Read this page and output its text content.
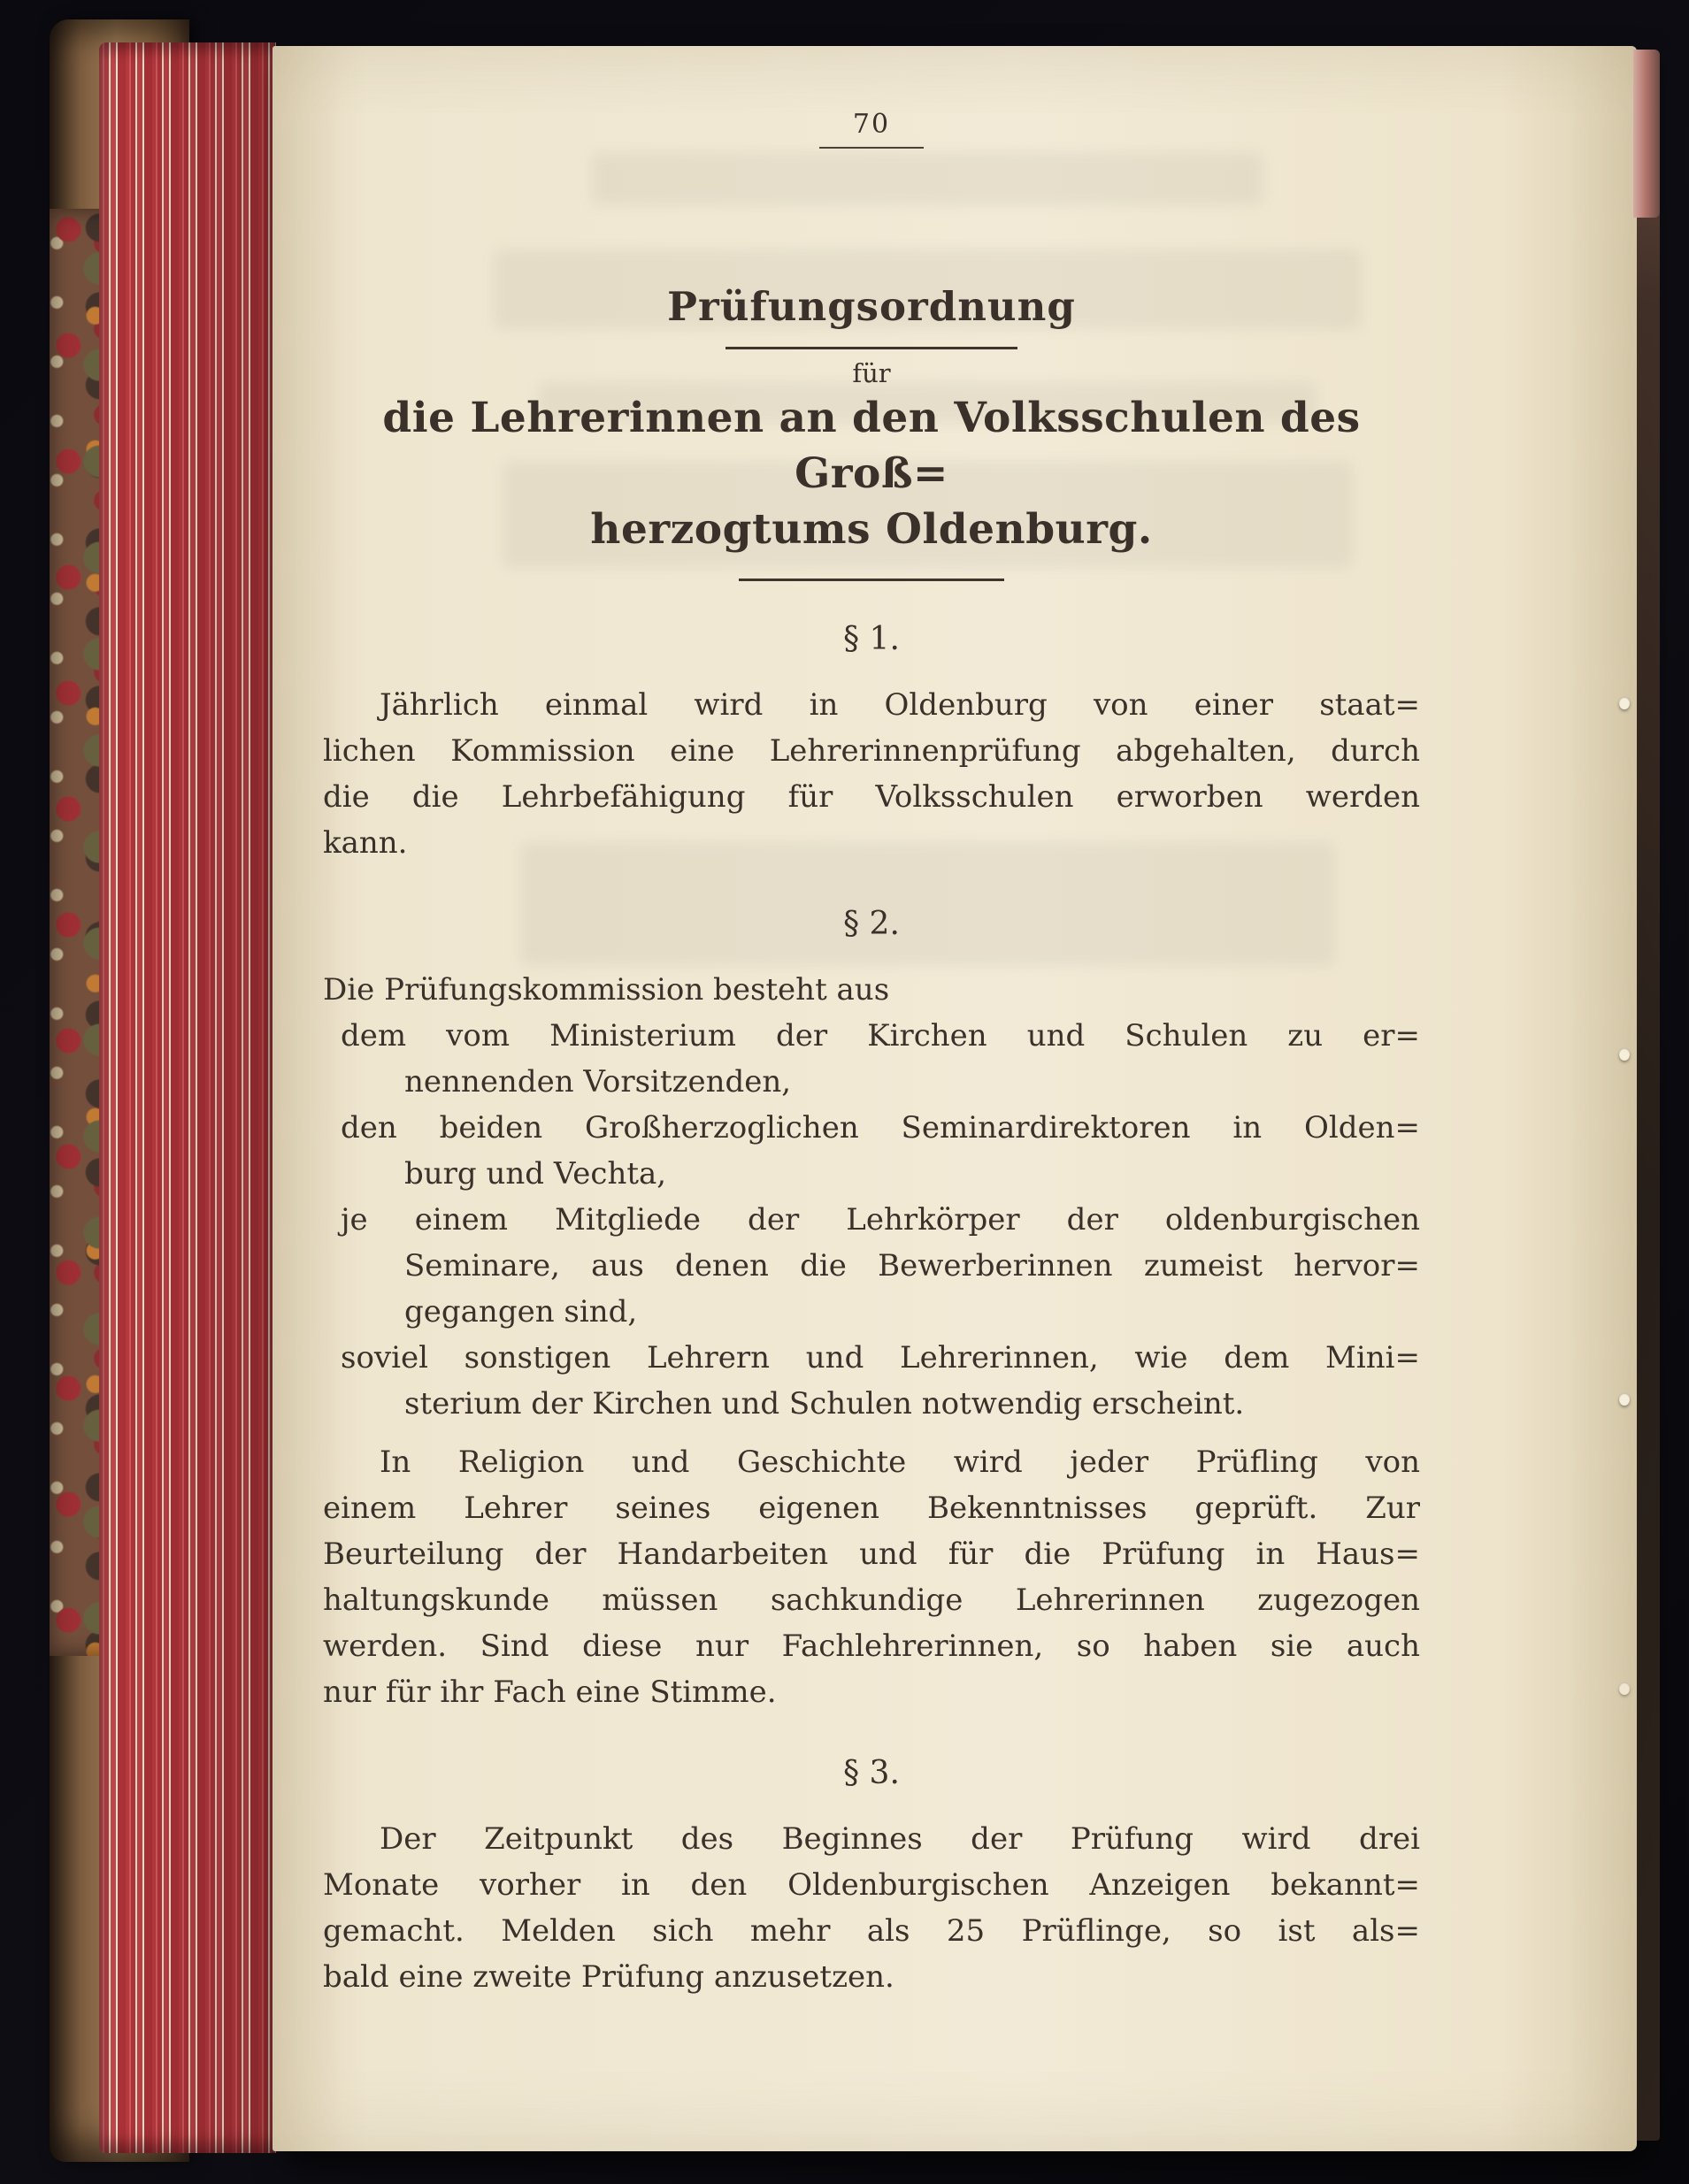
70
Prüfungsordnung
für
die Lehrerinnen an den Volksschulen des Groß=
herzogtums Oldenburg.
§ 1.
Jährlich einmal wird in Oldenburg von einer staat=
lichen Kommission eine Lehrerinnenprüfung abgehalten, durch
die die Lehrbefähigung für Volksschulen erworben werden
kann.
§ 2.
Die Prüfungskommission besteht aus
dem vom Ministerium der Kirchen und Schulen zu er=
nennenden Vorsitzenden,
den beiden Großherzoglichen Seminardirektoren in Olden=
burg und Vechta,
je einem Mitgliede der Lehrkörper der oldenburgischen
Seminare, aus denen die Bewerberinnen zumeist hervor=
gegangen sind,
soviel sonstigen Lehrern und Lehrerinnen, wie dem Mini=
sterium der Kirchen und Schulen notwendig erscheint.
In Religion und Geschichte wird jeder Prüfling von
einem Lehrer seines eigenen Bekenntnisses geprüft. Zur
Beurteilung der Handarbeiten und für die Prüfung in Haus=
haltungskunde müssen sachkundige Lehrerinnen zugezogen
werden. Sind diese nur Fachlehrerinnen, so haben sie auch
nur für ihr Fach eine Stimme.
§ 3.
Der Zeitpunkt des Beginnes der Prüfung wird drei
Monate vorher in den Oldenburgischen Anzeigen bekannt=
gemacht. Melden sich mehr als 25 Prüflinge, so ist als=
bald eine zweite Prüfung anzusetzen.
